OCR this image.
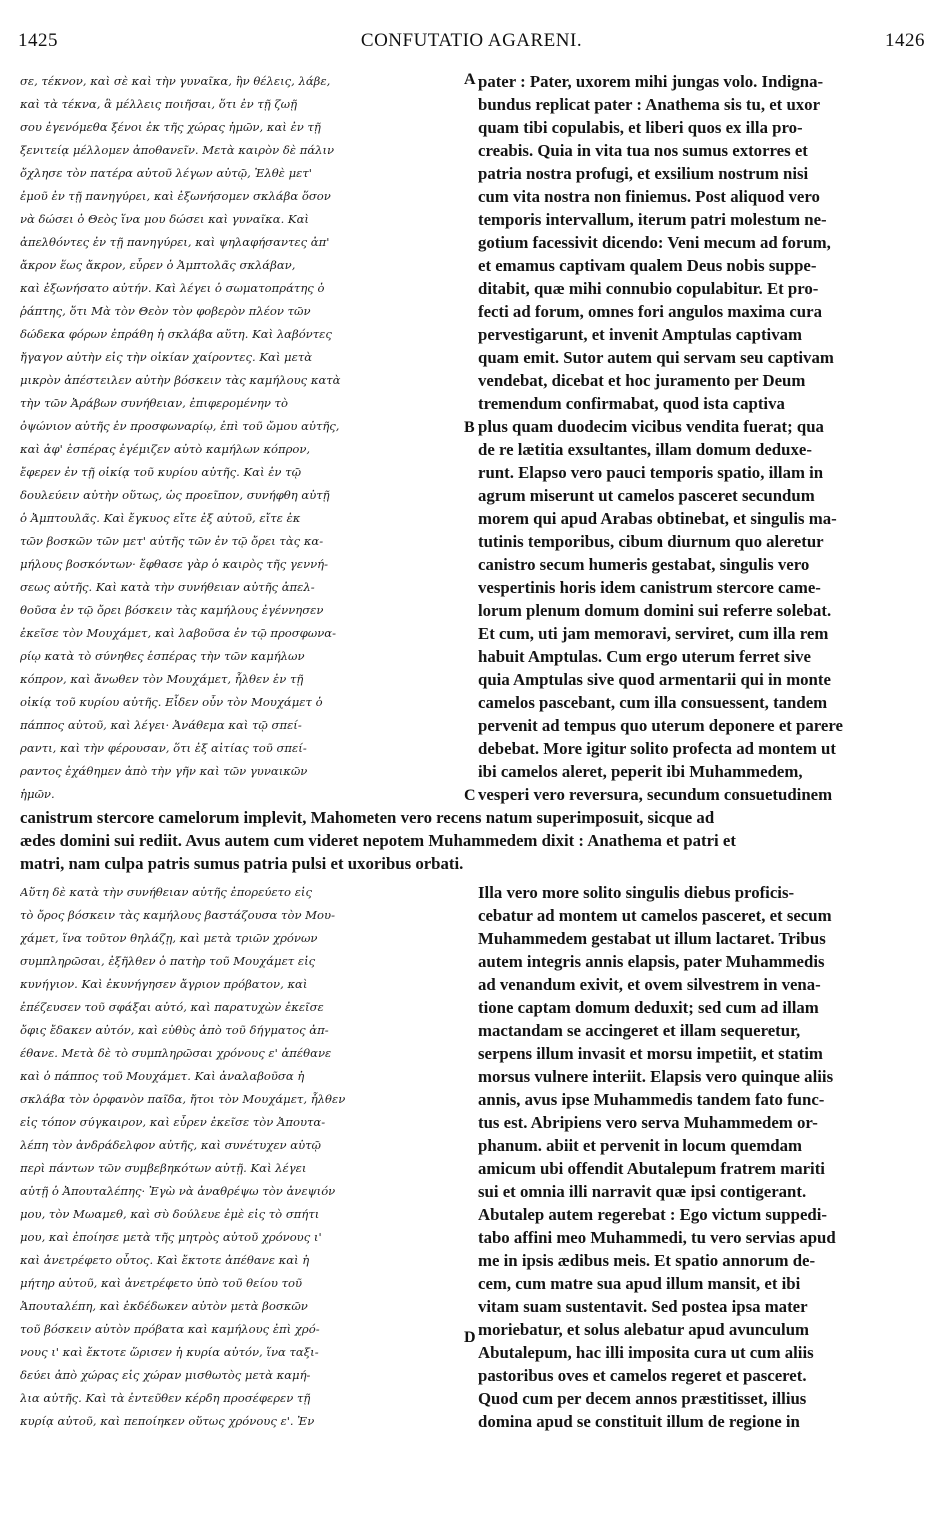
1425	CONFUTATIO AGARENI.	1426
σε, τέκνον, καὶ σὲ καὶ τὴν γυναῖκα, ἣν θέλεις, λάβε,
καὶ τὰ τέκνα, ἃ μέλλεις ποιῆσαι, ὅτι ἐν τῇ ζωῇ
σου ἐγενόμεθα ξένοι ἐκ τῆς χώρας ἡμῶν, καὶ ἐν τῇ
ξενιτείᾳ μέλλομεν ἀποθανεῖν. Μετὰ καιρὸν δὲ πάλιν
ὄχλησε τὸν πατέρα αὐτοῦ λέγων αὐτῷ, Ἐλθὲ μετ'
ἐμοῦ ἐν τῇ πανηγύρει, καὶ ἐξωνήσομεν σκλάβα ὅσον
νὰ δώσει ὁ Θεὸς ἵνα μου δώσει καὶ γυναῖκα. Καὶ
ἀπελθόντες ἐν τῇ πανηγύρει, καὶ ψηλαφήσαντες ἀπ'
ἄκρον ἕως ἄκρον, εὗρεν ὁ Ἀμπτολᾶς σκλάβαν,
καὶ ἐξωνήσατο αὐτήν. Καὶ λέγει ὁ σωματοπράτης ὁ
ῥάπτης, ὅτι Μὰ τὸν Θεὸν τὸν φοβερὸν πλέον τῶν
δώδεκα φόρων ἐπράθη ἡ σκλάβα αὕτη. Καὶ λαβόντες
ἤγαγον αὐτὴν εἰς τὴν οἰκίαν χαίροντες. Καὶ μετὰ
μικρὸν ἀπέστειλεν αὐτὴν βόσκειν τὰς καμήλους κατὰ
τὴν τῶν Ἀράβων συνήθειαν, ἐπιφερομένην τὸ
ὀψώνιον αὐτῆς ἐν προσφωναρίῳ, ἐπὶ τοῦ ὤμου αὐτῆς,
καὶ ἀφ' ἑσπέρας ἐγέμιζεν αὐτὸ καμήλων κόπρον,
ἔφερεν ἐν τῇ οἰκίᾳ τοῦ κυρίου αὐτῆς. Καὶ ἐν τῷ
δουλεύειν αὐτὴν οὕτως, ὡς προεῖπον, συνήφθη αὐτῇ
ὁ Ἀμπτουλᾶς. Καὶ ἔγκυος εἴτε ἐξ αὐτοῦ, εἴτε ἐκ
τῶν βοσκῶν τῶν μετ' αὐτῆς τῶν ἐν τῷ ὄρει τὰς κα-
μήλους βοσκόντων· ἔφθασε γὰρ ὁ καιρὸς τῆς γεννή-
σεως αὐτῆς. Καὶ κατὰ τὴν συνήθειαν αὐτῆς ἀπελ-
θοῦσα ἐν τῷ ὄρει βόσκειν τὰς καμήλους ἐγέννησεν
ἐκεῖσε τὸν Μουχάμετ, καὶ λαβοῦσα ἐν τῷ προσφωνα-
ρίῳ κατὰ τὸ σύνηθες ἑσπέρας τὴν τῶν καμήλων
κόπρον, καὶ ἄνωθεν τὸν Μουχάμετ, ἦλθεν ἐν τῇ
οἰκίᾳ τοῦ κυρίου αὐτῆς. Εἶδεν οὖν τὸν Μουχάμετ ὁ
πάππος αὐτοῦ, καὶ λέγει· Ἀνάθεμα καὶ τῷ σπεί-
ραντι, καὶ τὴν φέρουσαν, ὅτι ἐξ αἰτίας τοῦ σπεί-
ραντος ἐχάθημεν ἀπὸ τὴν γῆν καὶ τῶν γυναικῶν
ἡμῶν.
pater : Pater, uxorem mihi jungas volo. Indigna-
bundus replicat pater : Anathema sis tu, et uxor
quam tibi copulabis, et liberi quos ex illa pro-
creabis. Quia in vita tua nos sumus extorres et
patria nostra profugi, et exsilium nostrum nisi
cum vita nostra non finiemus. Post aliquod vero
temporis intervallum, iterum patri molestum ne-
gotium facessivit dicendo: Veni mecum ad forum,
et emamus captivam qualem Deus nobis suppe-
ditabit, quæ mihi connubio copulabitur. Et pro-
fecti ad forum, omnes fori angulos maxima cura
pervestigarunt, et invenit Amptulas captivam
quam emit. Sutor autem qui servam seu captivam
vendebat, dicebat et hoc juramento per Deum
tremendum confirmabat, quod ista captiva
plus quam duodecim vicibus vendita fuerat; qua
de re lætitia exsultantes, illam domum deduxe-
runt. Elapso vero pauci temporis spatio, illam in
agrum miserunt ut camelos pasceret secundum
morem qui apud Arabas obtinebat, et singulis ma-
tutinis temporibus, cibum diurnum quo aleretur
canistro secum humeris gestabat, singulis vero
vespertinis horis idem canistrum stercore came-
lorum plenum domum domini sui referre solebat.
Et cum, uti jam memoravi, serviret, cum illa rem
habuit Amptulas. Cum ergo uterum ferret sive
quia Amptulas sive quod armentarii qui in monte
camelos pascebant, cum illa consuessent, tandem
pervenit ad tempus quo uterum deponere et parere
debebat. More igitur solito profecta ad montem ut
ibi camelos aleret, peperit ibi Muhammedem,
vesperi vero reversura, secundum consuetudinem
canistrum stercore camelorum implevit, Mahometen vero recens natum superimposuit, sicque ad
ædes domini sui rediit. Avus autem cum videret nepotem Muhammedem dixit : Anathema et patri et
matri, nam culpa patris sumus patria pulsi et uxoribus orbati.
Αὕτη δὲ κατὰ τὴν συνήθειαν αὐτῆς ἐπορεύετο εἰς
τὸ ὄρος βόσκειν τὰς καμήλους βαστάζουσα τὸν Μου-
χάμετ, ἵνα τοῦτον θηλάζῃ, καὶ μετὰ τριῶν χρόνων
συμπληρῶσαι, ἐξῆλθεν ὁ πατὴρ τοῦ Μουχάμετ εἰς
κυνήγιον. Καὶ ἐκυνήγησεν ἄγριον πρόβατον, καὶ
ἐπέζευσεν τοῦ σφάξαι αὐτό, καὶ παρατυχὼν ἐκεῖσε
ὄφις ἔδακεν αὐτόν, καὶ εὐθὺς ἀπὸ τοῦ δήγματος ἀπ-
έθανε. Μετὰ δὲ τὸ συμπληρῶσαι χρόνους ε' ἀπέθανε
καὶ ὁ πάππος τοῦ Μουχάμετ. Καὶ ἀναλαβοῦσα ἡ
σκλάβα τὸν ὀρφανὸν παῖδα, ἤτοι τὸν Μουχάμετ, ἦλθεν
εἰς τόπον σύγκαιρον, καὶ εὗρεν ἐκεῖσε τὸν Ἀπουτα-
λέπη τὸν ἀνδράδελφον αὐτῆς, καὶ συνέτυχεν αὐτῷ
περὶ πάντων τῶν συμβεβηκότων αὐτῇ. Καὶ λέγει
αὐτῇ ὁ Ἀπουταλέπης· Ἐγὼ νὰ ἀναθρέψω τὸν ἀνεψιόν
μου, τὸν Μωαμεθ, καὶ σὺ δούλευε ἐμὲ εἰς τὸ σπήτι
μου, καὶ ἐποίησε μετὰ τῆς μητρὸς αὐτοῦ χρόνους ι'
καὶ ἀνετρέφετο οὗτος. Καὶ ἔκτοτε ἀπέθανε καὶ ἡ
μήτηρ αὐτοῦ, καὶ ἀνετρέφετο ὑπὸ τοῦ θείου τοῦ
Ἀπουταλέπη, καὶ ἐκδέδωκεν αὐτὸν μετὰ βοσκῶν
τοῦ βόσκειν αὐτὸν πρόβατα καὶ καμήλους ἐπὶ χρό-
νους ι' καὶ ἔκτοτε ὥρισεν ἡ κυρία αὐτόν, ἵνα ταξι-
δεύει ἀπὸ χώρας εἰς χώραν μισθωτὸς μετὰ καμή-
λια αὐτῆς. Καὶ τὰ ἐντεῦθεν κέρδη προσέφερεν τῇ
κυρίᾳ αὐτοῦ, καὶ πεποίηκεν οὕτως χρόνους ε'. Ἐν
Illa vero more solito singulis diebus proficis-
cebatur ad montem ut camelos pasceret, et secum
Muhammedem gestabat ut illum lactaret. Tribus
autem integris annis elapsis, pater Muhammedis
ad venandum exivit, et ovem silvestrem in vena-
tione captam domum deduxit; sed cum ad illam
mactandam se accingeret et illam sequeretur,
serpens illum invasit et morsu impetiit, et statim
morsus vulnere interiit. Elapsis vero quinque aliis
annis, avus ipse Muhammedis tandem fato func-
tus est. Abripiens vero serva Muhammedem or-
phanum. abiit et pervenit in locum quemdam
amicum ubi offendit Abutalepum fratrem mariti
sui et omnia illi narravit quæ ipsi contigerant.
Abutalep autem regerebat : Ego victum suppedi-
tabo affini meo Muhammedi, tu vero servias apud
me in ipsis ædibus meis. Et spatio annorum de-
cem, cum matre sua apud illum mansit, et ibi
vitam suam sustentavit. Sed postea ipsa mater
moriebatur, et solus alebatur apud avunculum
Abutalepum, hac illi imposita cura ut cum aliis
pastoribus oves et camelos regeret et pasceret.
Quod cum per decem annos præstitisset, illius
domina apud se constituit illum de regione in
A
B
C
D
